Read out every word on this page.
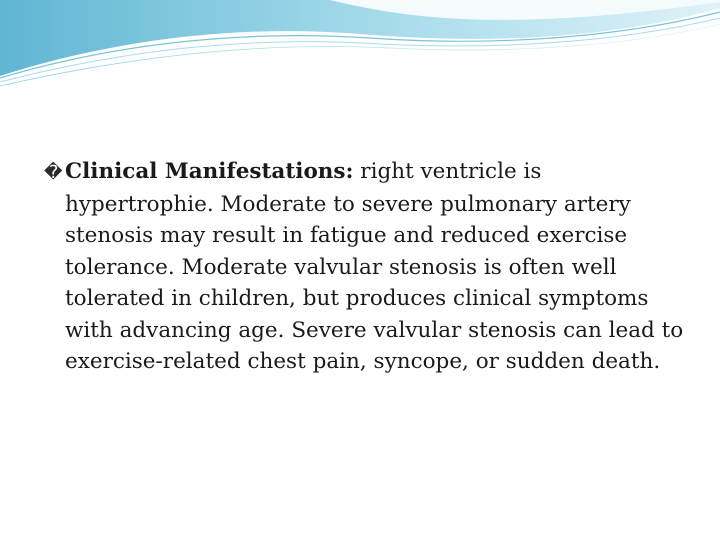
� Clinical Manifestations: right ventricle is hypertrophie. Moderate to severe pulmonary artery stenosis may result in fatigue and reduced exercise tolerance. Moderate valvular stenosis is often well tolerated in children, but produces clinical symptoms with advancing age. Severe valvular stenosis can lead to exercise-related chest pain, syncope, or sudden death.
